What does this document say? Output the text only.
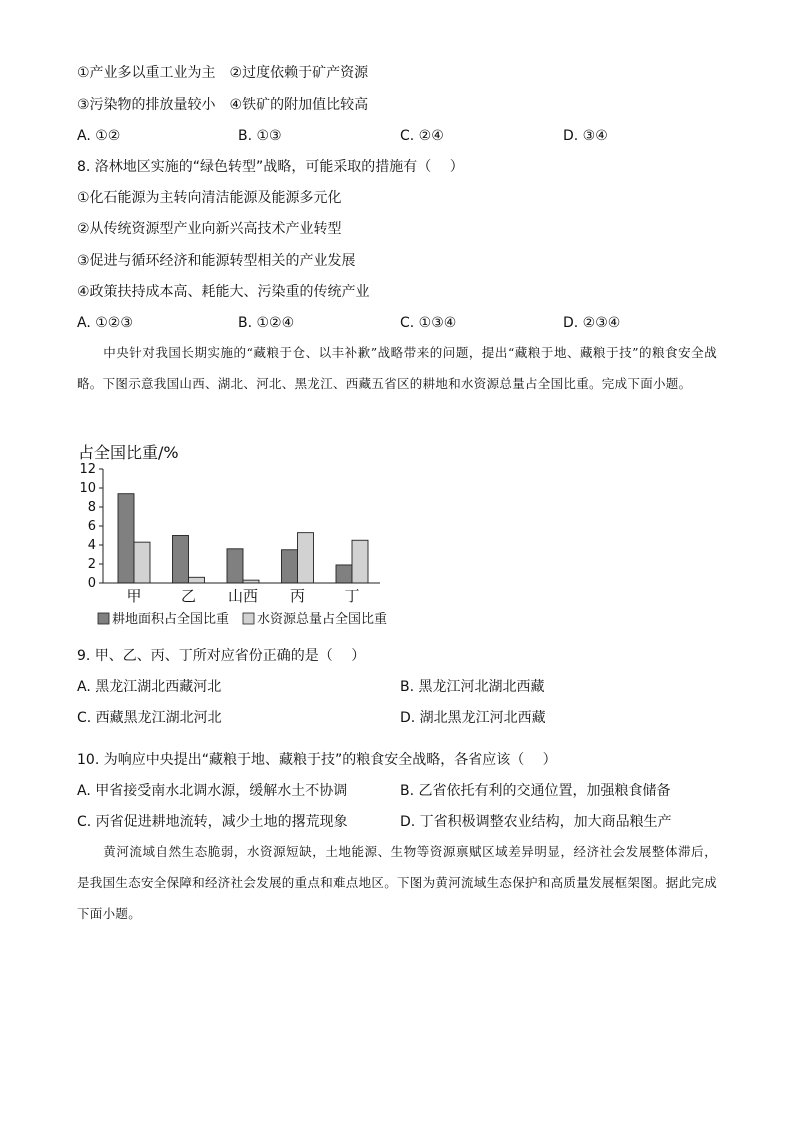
①产业多以重工业为主　②过度依赖于矿产资源
③污染物的排放量较小　④铁矿的附加值比较高
A. ①②	B. ①③	C. ②④	D. ③④
8. 洛林地区实施的“绿色转型”战略，可能采取的措施有（　 ）
①化石能源为主转向清洁能源及能源多元化
②从传统资源型产业向新兴高技术产业转型
③促进与循环经济和能源转型相关的产业发展
④政策扶持成本高、耗能大、污染重的传统产业
A. ①②③	B. ①②④	C. ①③④	D. ②③④
中央针对我国长期实施的“藏粮于仓、以丰补歉”战略带来的问题，提出“藏粮于地、藏粮于技”的粮食安全战略。下图示意我国山西、湖北、河北、黑龙江、西藏五省区的耕地和水资源总量占全国比重。完成下面小题。
占全国比重/%
0
2
4
6
8
10
12
甲	乙 山西 丙	丁
耕地面积占全国比重 水资源总量占全国比重
9. 甲、乙、丙、丁所对应省份正确的是（　 ）
A. 黑龙江湖北西藏河北	B. 黑龙江河北湖北西藏
C. 西藏黑龙江湖北河北	D. 湖北黑龙江河北西藏
10. 为响应中央提出“藏粮于地、藏粮于技”的粮食安全战略，各省应该（　 ）
A. 甲省接受南水北调水源，缓解水土不协调	B. 乙省依托有利的交通位置，加强粮食储备
C. 丙省促进耕地流转，减少土地的撂荒现象	D. 丁省积极调整农业结构，加大商品粮生产
黄河流域自然生态脆弱，水资源短缺，土地能源、生物等资源禀赋区域差异明显，经济社会发展整体滞后，是我国生态安全保障和经济社会发展的重点和难点地区。下图为黄河流域生态保护和高质量发展框架图。据此完成下面小题。
